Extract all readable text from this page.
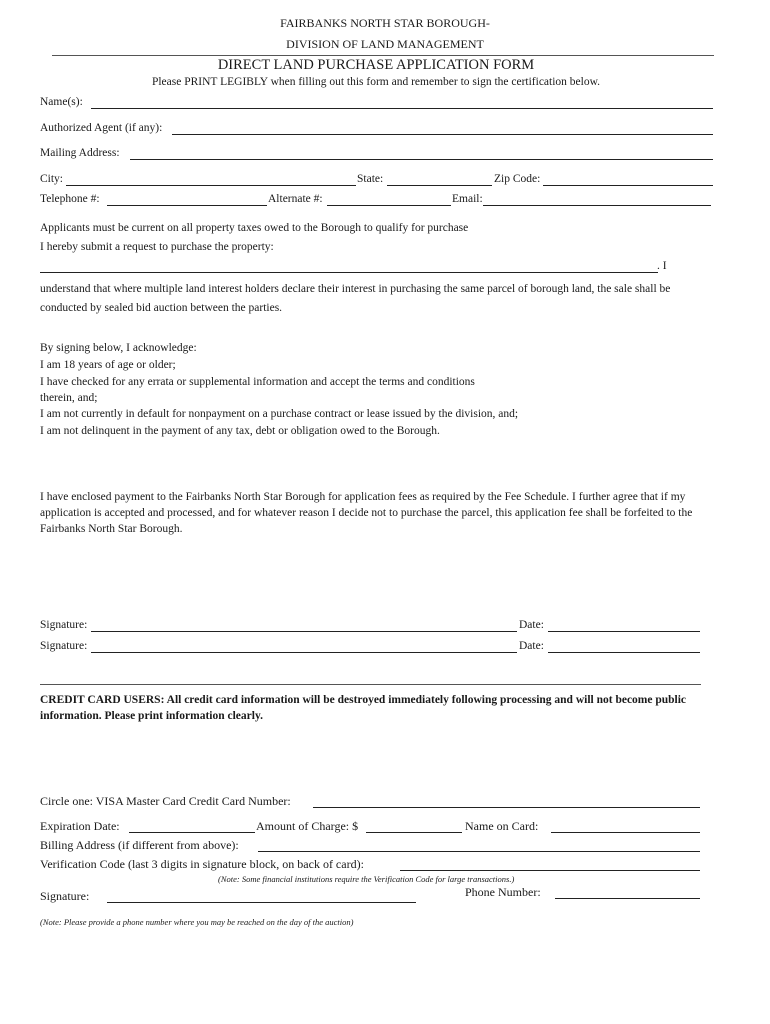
FAIRBANKS NORTH STAR BOROUGH-
DIVISION OF LAND MANAGEMENT
DIRECT LAND PURCHASE APPLICATION FORM
Please PRINT LEGIBLY when filling out this form and remember to sign the certification below.
Name(s):
Authorized Agent (if any):
Mailing Address:
City:	State:	Zip Code:
Telephone #:	Alternate #:	Email:
Applicants must be current on all property taxes owed to the Borough to qualify for purchase
I hereby submit a request to purchase the property:
. I
understand that where multiple land interest holders declare their interest in purchasing the same parcel of borough land, the sale shall be conducted by sealed bid auction between the parties.
By signing below, I acknowledge:
I am 18 years of age or older;
I have checked for any errata or supplemental information and accept the terms and conditions
therein, and;
I am not currently in default for nonpayment on a purchase contract or lease issued by the division, and;
I am not delinquent in the payment of any tax, debt or obligation owed to the Borough.
I have enclosed payment to the Fairbanks North Star Borough for application fees as required by the Fee Schedule. I further agree that if my application is accepted and processed, and for whatever reason I decide not to purchase the parcel, this application fee shall be forfeited to the Fairbanks North Star Borough.
Signature:	Date:
Signature:	Date:
CREDIT CARD USERS: All credit card information will be destroyed immediately following processing and will not become public information. Please print information clearly.
Circle one: VISA Master Card Credit Card Number:
Expiration Date:	Amount of Charge: $	Name on Card:
Billing Address (if different from above):
Verification Code (last 3 digits in signature block, on back of card):
(Note: Some financial institutions require the Verification Code for large transactions.)
Signature:	Phone Number:
(Note: Please provide a phone number where you may be reached on the day of the auction)
